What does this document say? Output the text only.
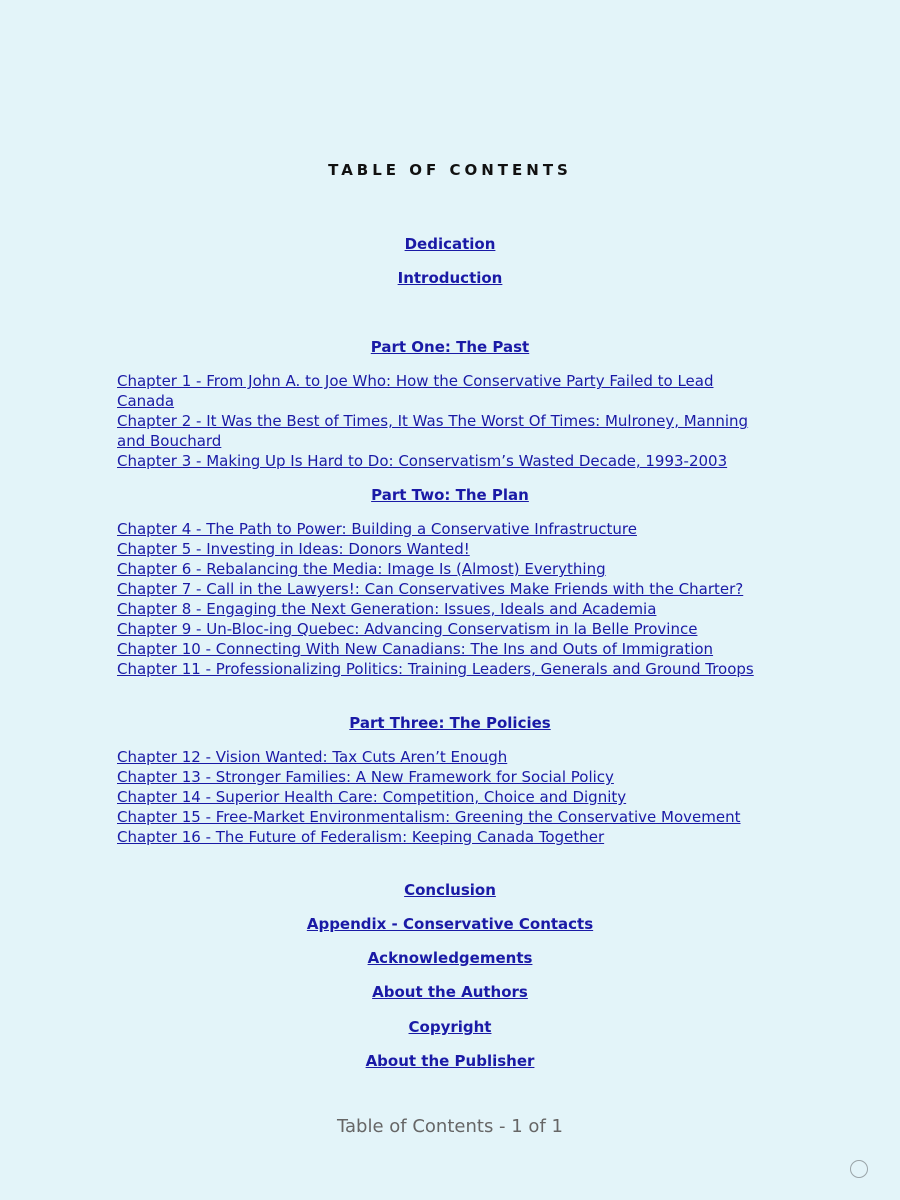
TABLE OF CONTENTS
Dedication
Introduction
Part One: The Past
Chapter 1 - From John A. to Joe Who: How the Conservative Party Failed to Lead Canada
Chapter 2 - It Was the Best of Times, It Was The Worst Of Times: Mulroney, Manning and Bouchard
Chapter 3 - Making Up Is Hard to Do: Conservatism’s Wasted Decade, 1993-2003
Part Two: The Plan
Chapter 4 - The Path to Power: Building a Conservative Infrastructure
Chapter 5 - Investing in Ideas: Donors Wanted!
Chapter 6 - Rebalancing the Media: Image Is (Almost) Everything
Chapter 7 - Call in the Lawyers!: Can Conservatives Make Friends with the Charter?
Chapter 8 - Engaging the Next Generation: Issues, Ideals and Academia
Chapter 9 - Un-Bloc-ing Quebec: Advancing Conservatism in la Belle Province
Chapter 10 - Connecting With New Canadians: The Ins and Outs of Immigration
Chapter 11 - Professionalizing Politics: Training Leaders, Generals and Ground Troops
Part Three: The Policies
Chapter 12 - Vision Wanted: Tax Cuts Aren’t Enough
Chapter 13 - Stronger Families: A New Framework for Social Policy
Chapter 14 - Superior Health Care: Competition, Choice and Dignity
Chapter 15 - Free-Market Environmentalism: Greening the Conservative Movement
Chapter 16 - The Future of Federalism: Keeping Canada Together
Conclusion
Appendix - Conservative Contacts
Acknowledgements
About the Authors
Copyright
About the Publisher
Table of Contents - 1 of 1
